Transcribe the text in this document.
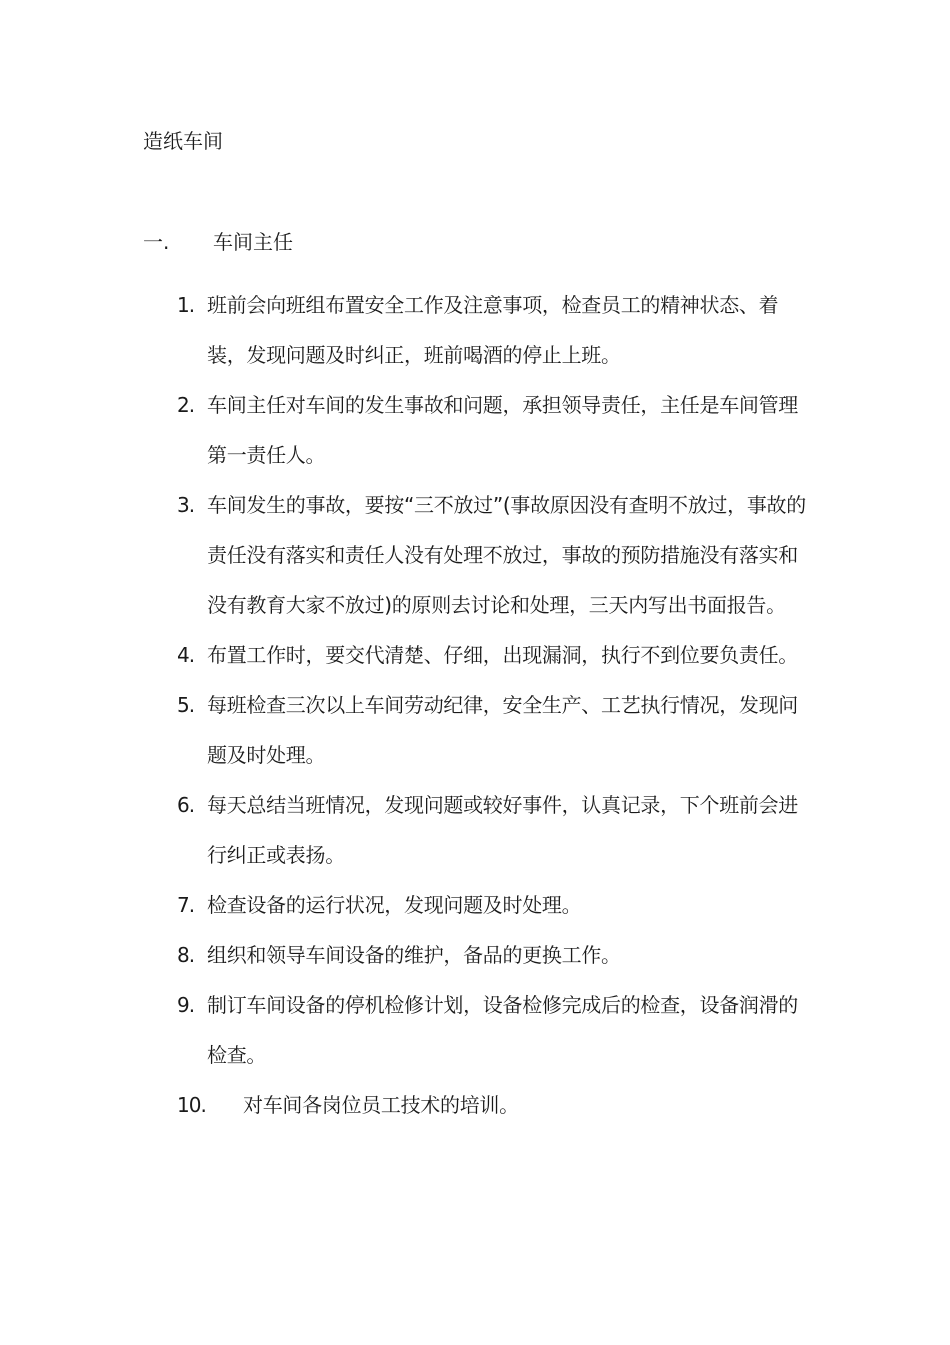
造纸车间
一. 车间主任
1. 班前会向班组布置安全工作及注意事项，检查员工的精神状态、着装，发现问题及时纠正，班前喝酒的停止上班。
2. 车间主任对车间的发生事故和问题，承担领导责任，主任是车间管理第一责任人。
3. 车间发生的事故，要按“三不放过”(事故原因没有查明不放过，事故的责任没有落实和责任人没有处理不放过，事故的预防措施没有落实和没有教育大家不放过)的原则去讨论和处理，三天内写出书面报告。
4. 布置工作时，要交代清楚、仔细，出现漏洞，执行不到位要负责任。
5. 每班检查三次以上车间劳动纪律，安全生产、工艺执行情况，发现问题及时处理。
6. 每天总结当班情况，发现问题或较好事件，认真记录，下个班前会进行纠正或表扬。
7. 检查设备的运行状况，发现问题及时处理。
8. 组织和领导车间设备的维护，备品的更换工作。
9. 制订车间设备的停机检修计划，设备检修完成后的检查，设备润滑的检查。
10. 对车间各岗位员工技术的培训。
